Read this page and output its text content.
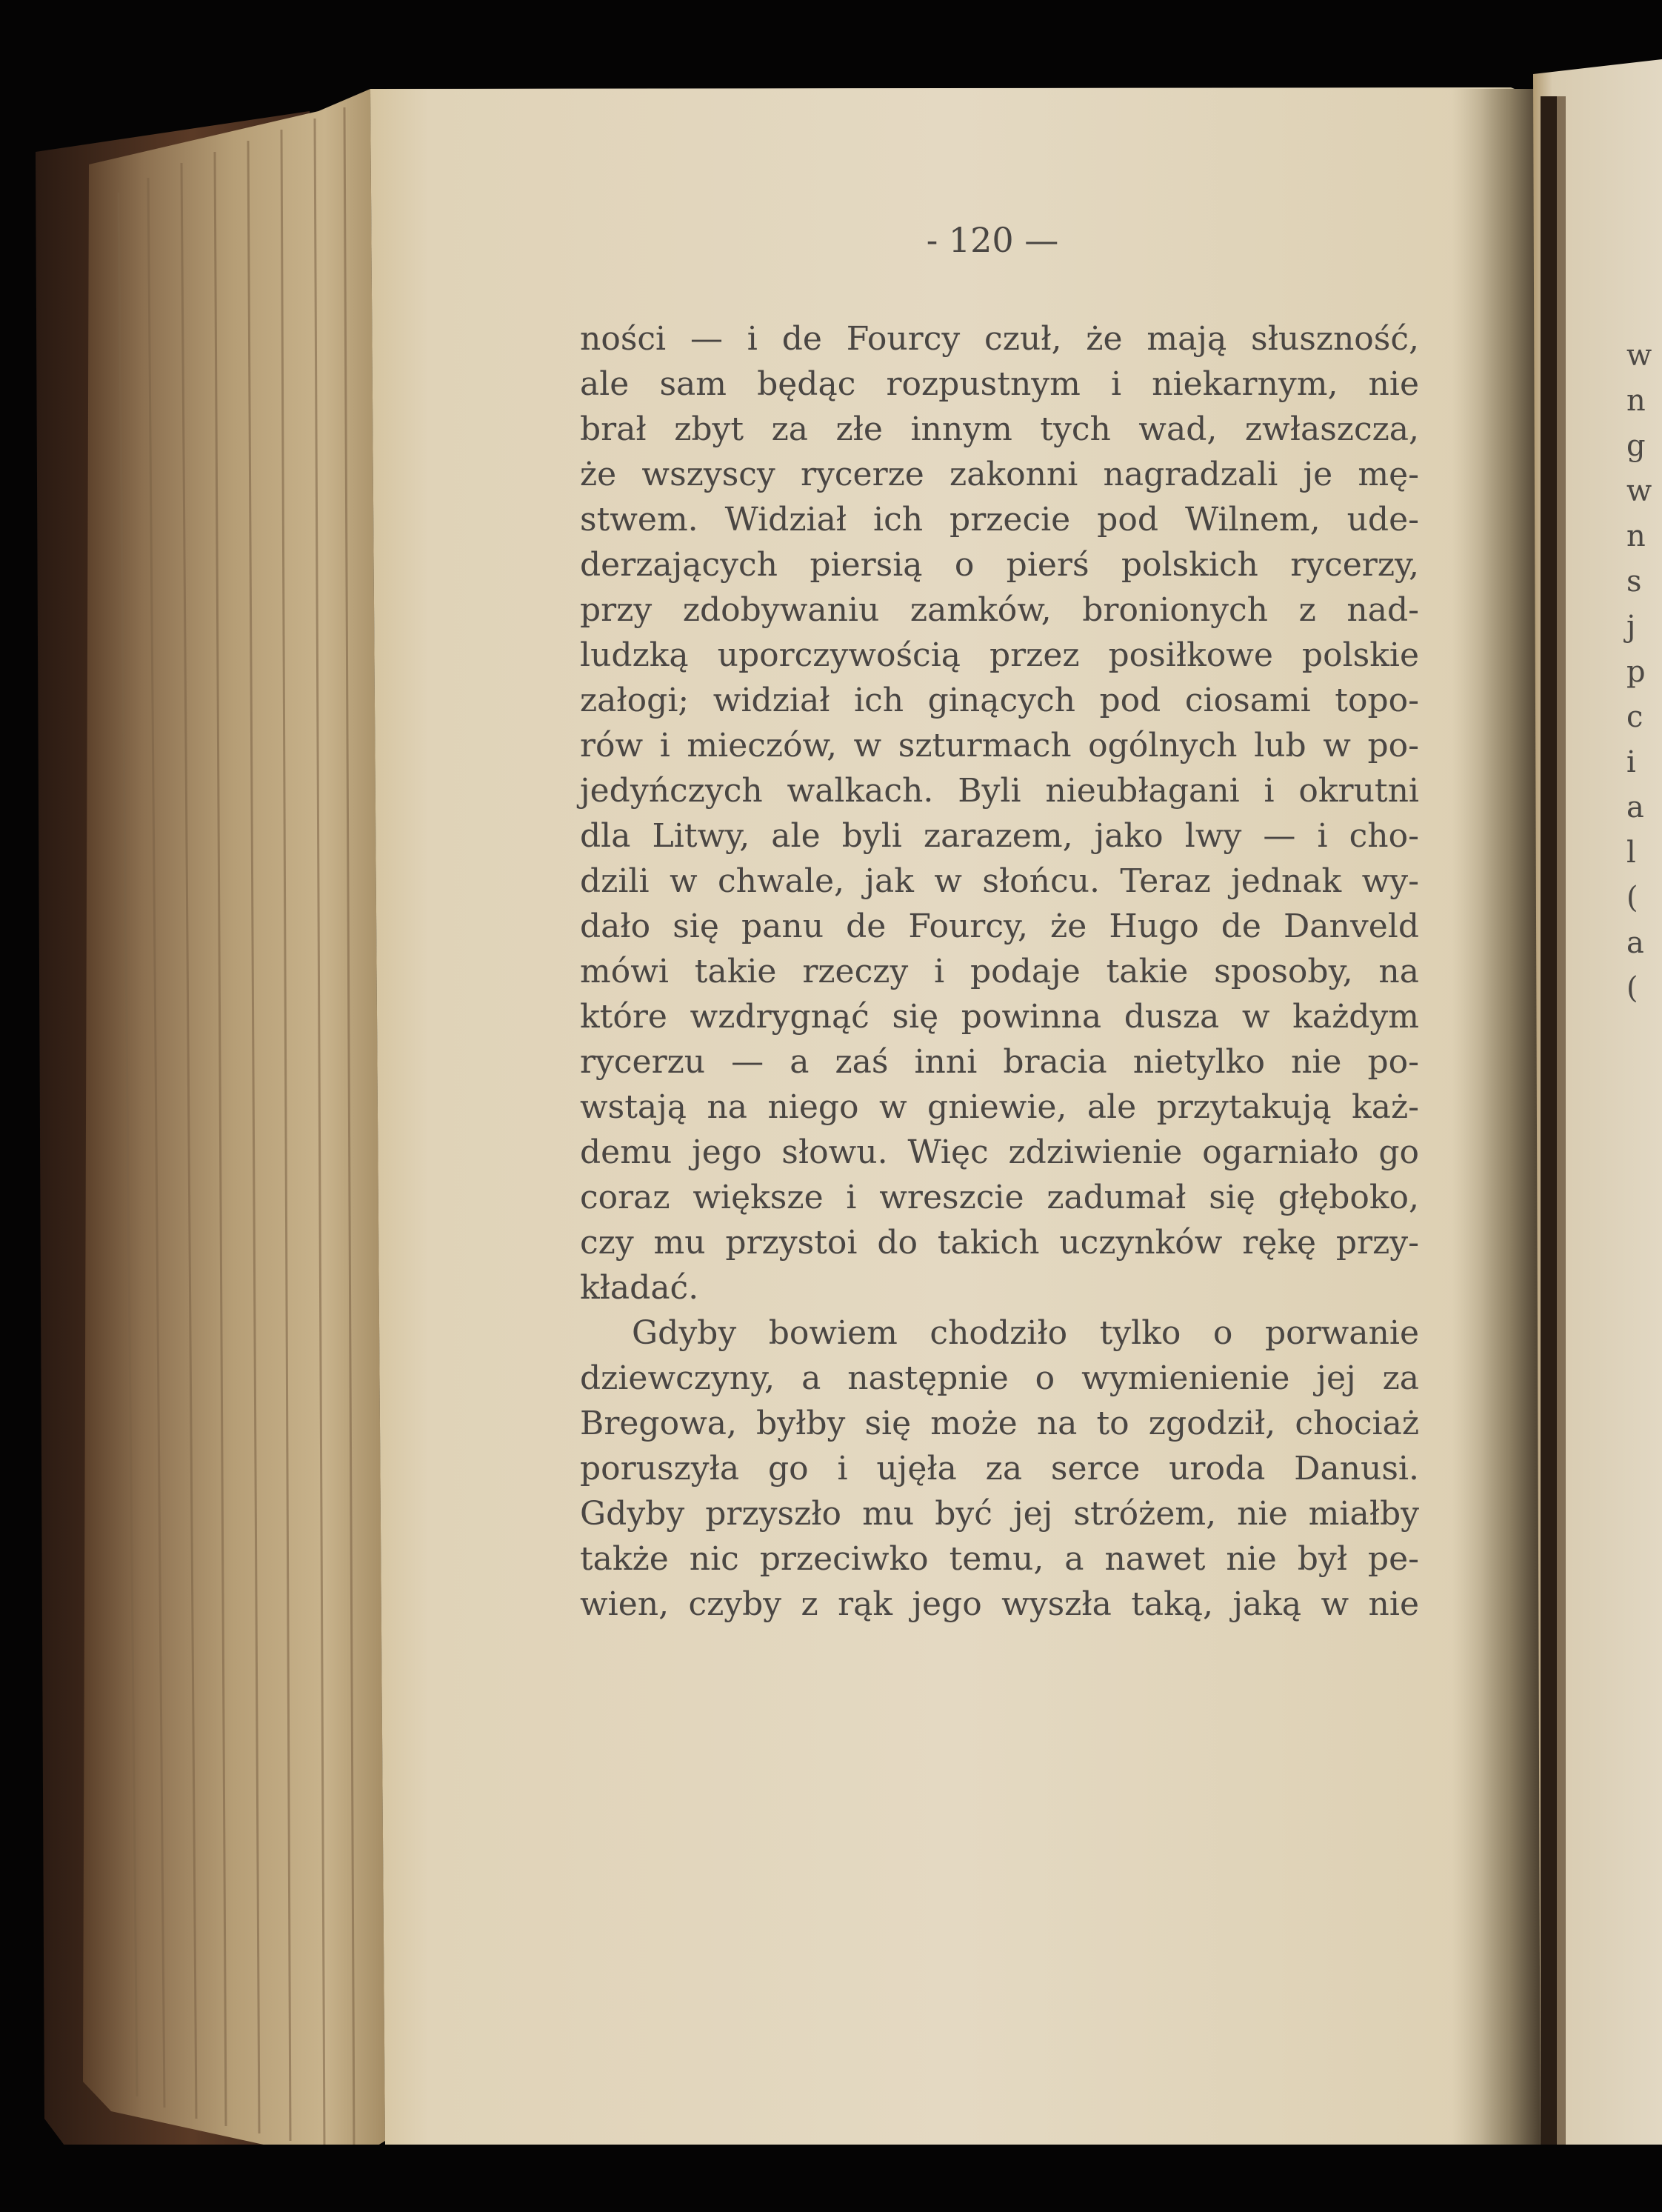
- 120 —
ności — i de Fourcy czuł, że mają słuszność,
ale sam będąc rozpustnym i niekarnym, nie
brał zbyt za złe innym tych wad, zwłaszcza,
że wszyscy rycerze zakonni nagradzali je mę-
stwem. Widział ich przecie pod Wilnem, ude-
derzających piersią o pierś polskich rycerzy,
przy zdobywaniu zamków, bronionych z nad-
ludzką uporczywością przez posiłkowe polskie
załogi; widział ich ginących pod ciosami topo-
rów i mieczów, w szturmach ogólnych lub w po-
jedyńczych walkach. Byli nieubłagani i okrutni
dla Litwy, ale byli zarazem, jako lwy — i cho-
dzili w chwale, jak w słońcu. Teraz jednak wy-
dało się panu de Fourcy, że Hugo de Danveld
mówi takie rzeczy i podaje takie sposoby, na
które wzdrygnąć się powinna dusza w każdym
rycerzu — a zaś inni bracia nietylko nie po-
wstają na niego w gniewie, ale przytakują każ-
demu jego słowu. Więc zdziwienie ogarniało go
coraz większe i wreszcie zadumał się głęboko,
czy mu przystoi do takich uczynków rękę przy-
kładać.
Gdyby bowiem chodziło tylko o porwanie
dziewczyny, a następnie o wymienienie jej za
Bregowa, byłby się może na to zgodził, chociaż
poruszyła go i ujęła za serce uroda Danusi.
Gdyby przyszło mu być jej stróżem, nie miałby
także nic przeciwko temu, a nawet nie był pe-
wien, czyby z rąk jego wyszła taką, jaką w nie
w
n
g
w
n
s
j
p
c
i
a
l
(
a
(
